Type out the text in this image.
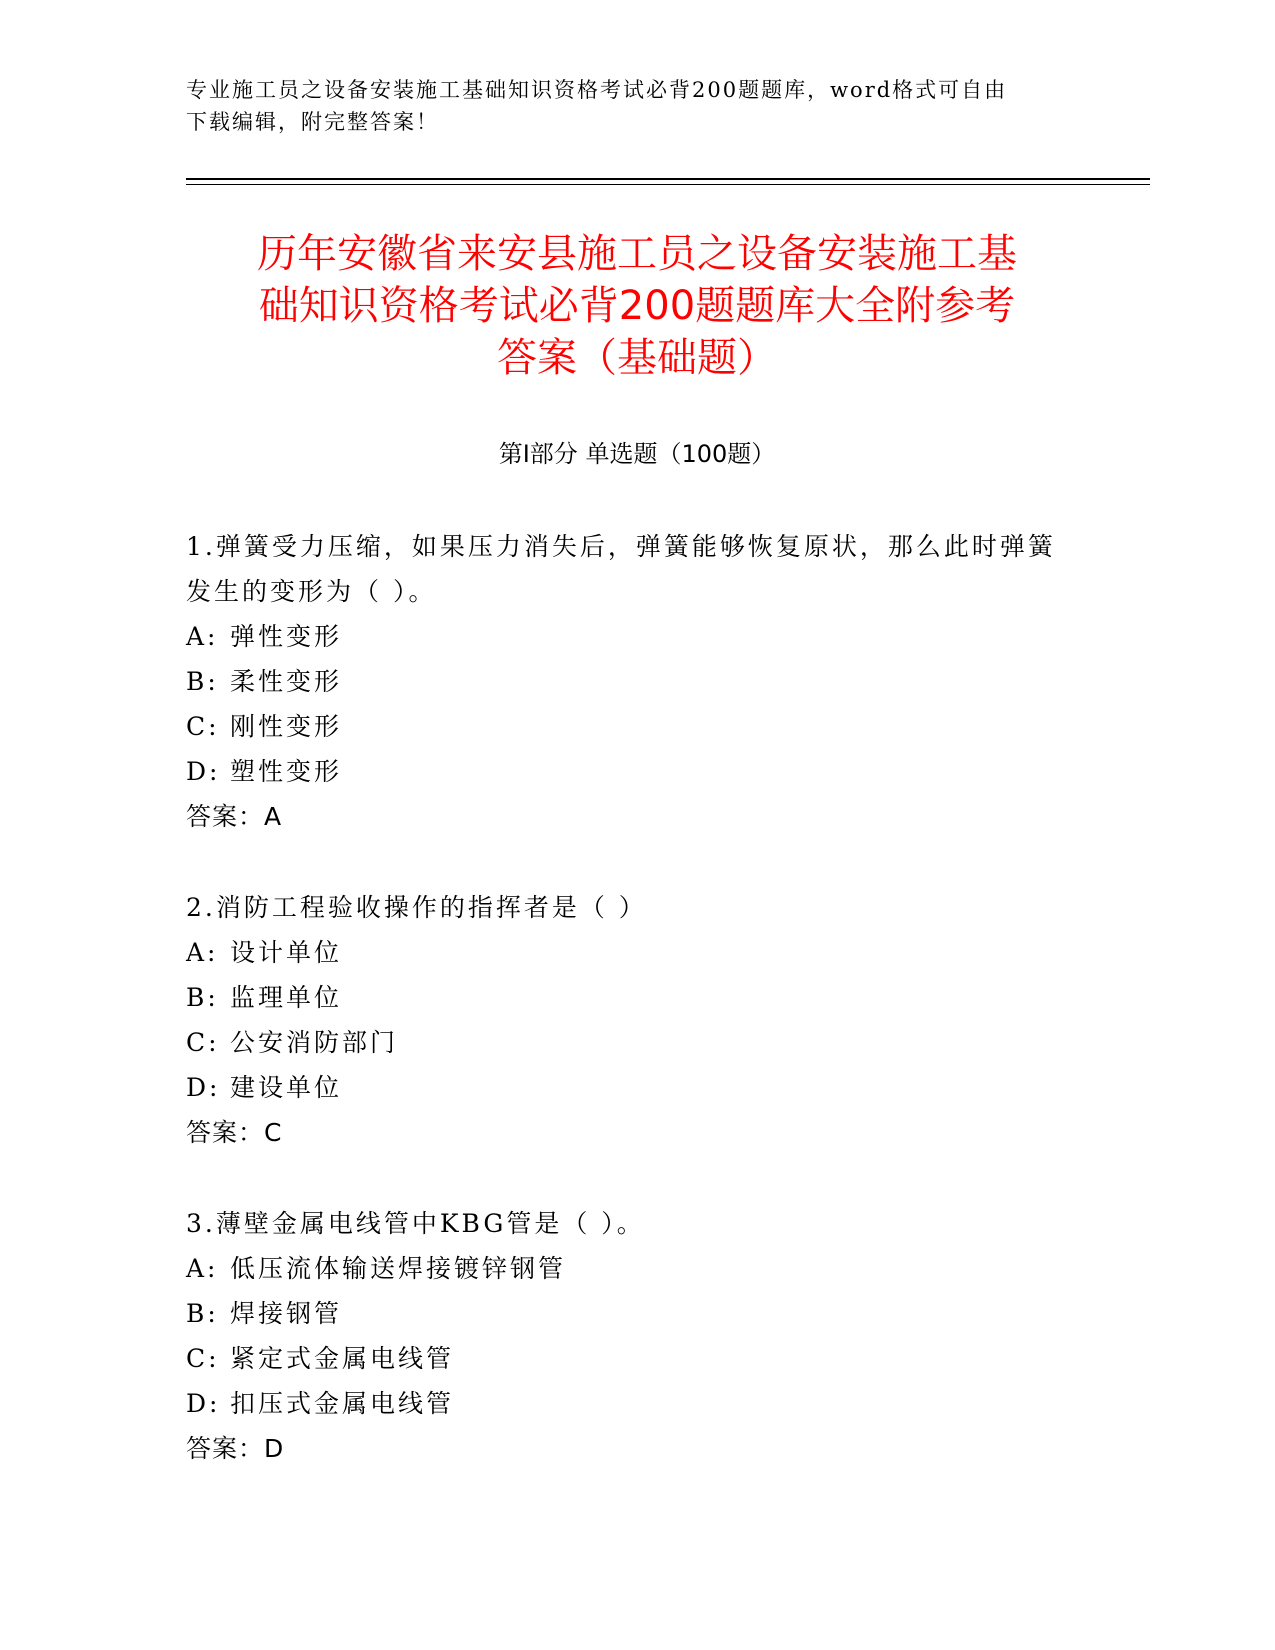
专业施工员之设备安装施工基础知识资格考试必背200题题库，word格式可自由
下载编辑，附完整答案！
历年安徽省来安县施工员之设备安装施工基
础知识资格考试必背200题题库大全附参考
答案（基础题）
第Ⅰ部分 单选题（100题）
1.弹簧受力压缩，如果压力消失后，弹簧能够恢复原状，那么此时弹簧发生的变形为（ ）。
A: 弹性变形
B: 柔性变形
C: 刚性变形
D: 塑性变形
答案：A
2.消防工程验收操作的指挥者是（ ）
A: 设计单位
B: 监理单位
C: 公安消防部门
D: 建设单位
答案：C
3.薄壁金属电线管中KBG管是（ ）。
A: 低压流体输送焊接镀锌钢管
B: 焊接钢管
C: 紧定式金属电线管
D: 扣压式金属电线管
答案：D
